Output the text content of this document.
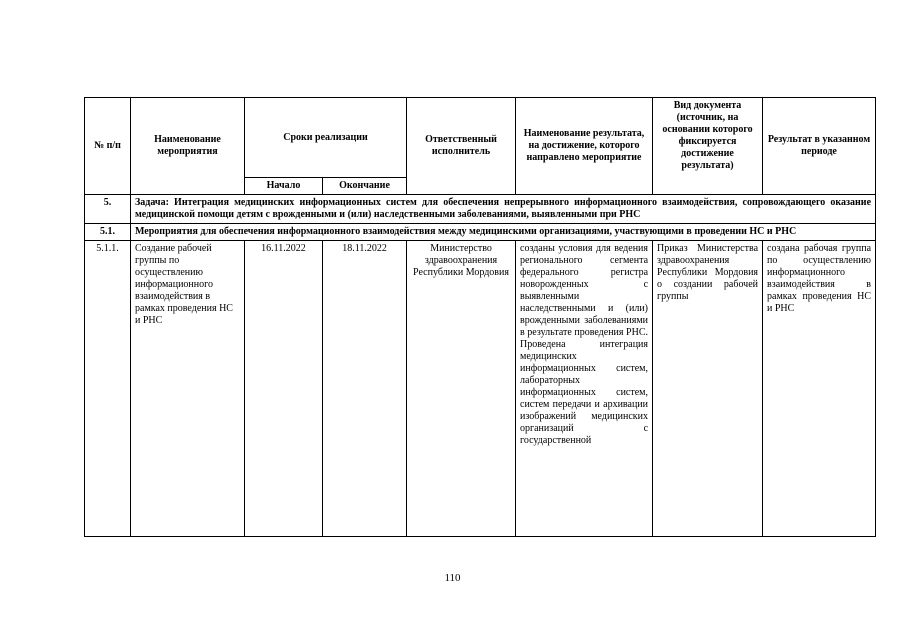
№ п/п	Наименование мероприятия	Сроки реализации		Ответственный исполнитель	Наименование результата, на достижение, которого направлено мероприятие	Вид документа (источник, на основании которого фиксируется достижение результата)	Результат в указанном периоде
		Начало	Окончание				
5.	Задача: Интеграция медицинских информационных систем для обеспечения непрерывного информационного взаимодействия, сопровождающего оказание медицинской помощи детям с врожденными и (или) наследственными заболеваниями, выявленными при РНС						
5.1.	Мероприятия для обеспечения информационного взаимодействия между медицинскими организациями, участвующими в проведении НС и РНС						
5.1.1.	Создание рабочей группы по осуществлению информационного взаимодействия в рамках проведения НС и РНС	16.11.2022	18.11.2022	Министерство здравоохранения Республики Мордовия	созданы условия для ведения регионального сегмента федерального регистра новорожденных с выявленными наследственными и (или) врожденными заболеваниями в результате проведения РНС. Проведена интеграция медицинских информационных систем, лабораторных информационных систем, систем передачи и архивации изображений медицинских организаций с государственной	Приказ Министерства здравоохранения Республики Мордовия о создании рабочей группы	создана рабочая группа по осуществлению информационного взаимодействия в рамках проведения НС и РНС
110
